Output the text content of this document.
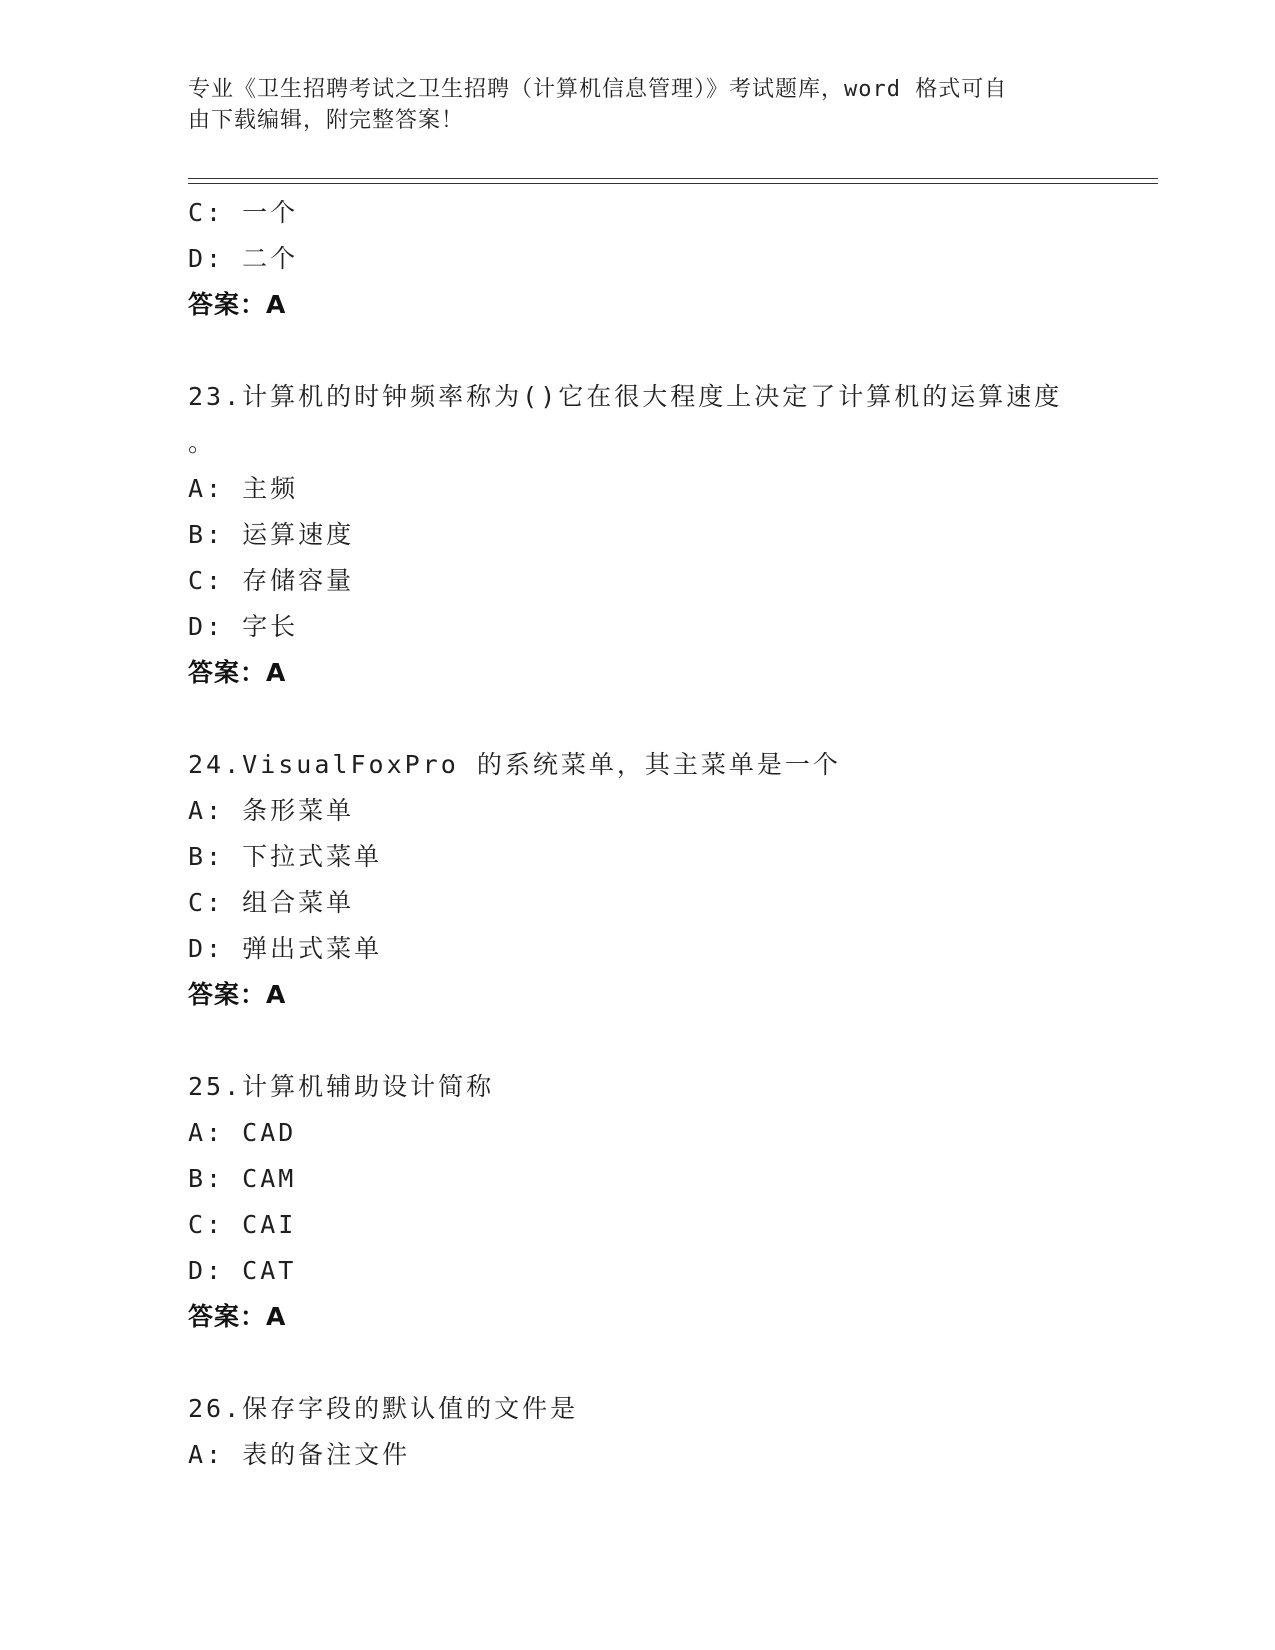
专业《卫生招聘考试之卫生招聘（计算机信息管理）》考试题库，word 格式可自
由下载编辑，附完整答案！
C: 一个
D: 二个
答案：A
23.计算机的时钟频率称为()它在很大程度上决定了计算机的运算速度
。
A: 主频
B: 运算速度
C: 存储容量
D: 字长
答案：A
24.VisualFoxPro 的系统菜单，其主菜单是一个
A: 条形菜单
B: 下拉式菜单
C: 组合菜单
D: 弹出式菜单
答案：A
25.计算机辅助设计简称
A: CAD
B: CAM
C: CAI
D: CAT
答案：A
26.保存字段的默认值的文件是
A: 表的备注文件
